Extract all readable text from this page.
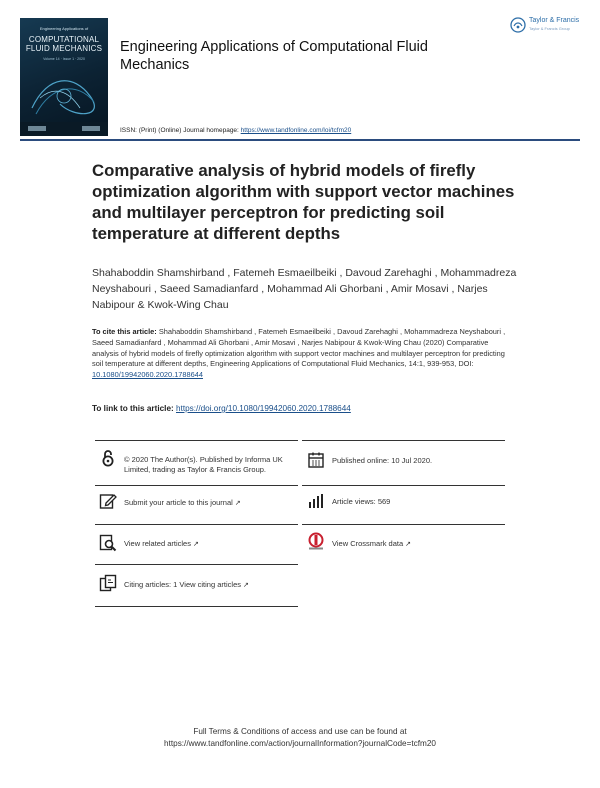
Engineering Applications of
COMPUTATIONAL FLUID MECHANICS
Volume 14 · Issue 1 · 2020
Engineering Applications of Computational Fluid Mechanics
Taylor & Francis
Taylor & Francis Group
ISSN: (Print) (Online) Journal homepage: https://www.tandfonline.com/loi/tcfm20
Comparative analysis of hybrid models of firefly optimization algorithm with support vector machines and multilayer perceptron for predicting soil temperature at different depths
Shahaboddin Shamshirband , Fatemeh Esmaeilbeiki , Davoud Zarehaghi , Mohammadreza Neyshabouri , Saeed Samadianfard , Mohammad Ali Ghorbani , Amir Mosavi , Narjes Nabipour & Kwok-Wing Chau
To cite this article: Shahaboddin Shamshirband , Fatemeh Esmaeilbeiki , Davoud Zarehaghi , Mohammadreza Neyshabouri , Saeed Samadianfard , Mohammad Ali Ghorbani , Amir Mosavi , Narjes Nabipour & Kwok-Wing Chau (2020) Comparative analysis of hybrid models of firefly optimization algorithm with support vector machines and multilayer perceptron for predicting soil temperature at different depths, Engineering Applications of Computational Fluid Mechanics, 14:1, 939-953, DOI: 10.1080/19942060.2020.1788644
To link to this article: https://doi.org/10.1080/19942060.2020.1788644
© 2020 The Author(s). Published by Informa UK Limited, trading as Taylor & Francis Group.
Published online: 10 Jul 2020.
Submit your article to this journal ↗	Article views: 569
View related articles ↗	View Crossmark data ↗
Citing articles: 1 View citing articles ↗
Full Terms & Conditions of access and use can be found at
https://www.tandfonline.com/action/journalInformation?journalCode=tcfm20
